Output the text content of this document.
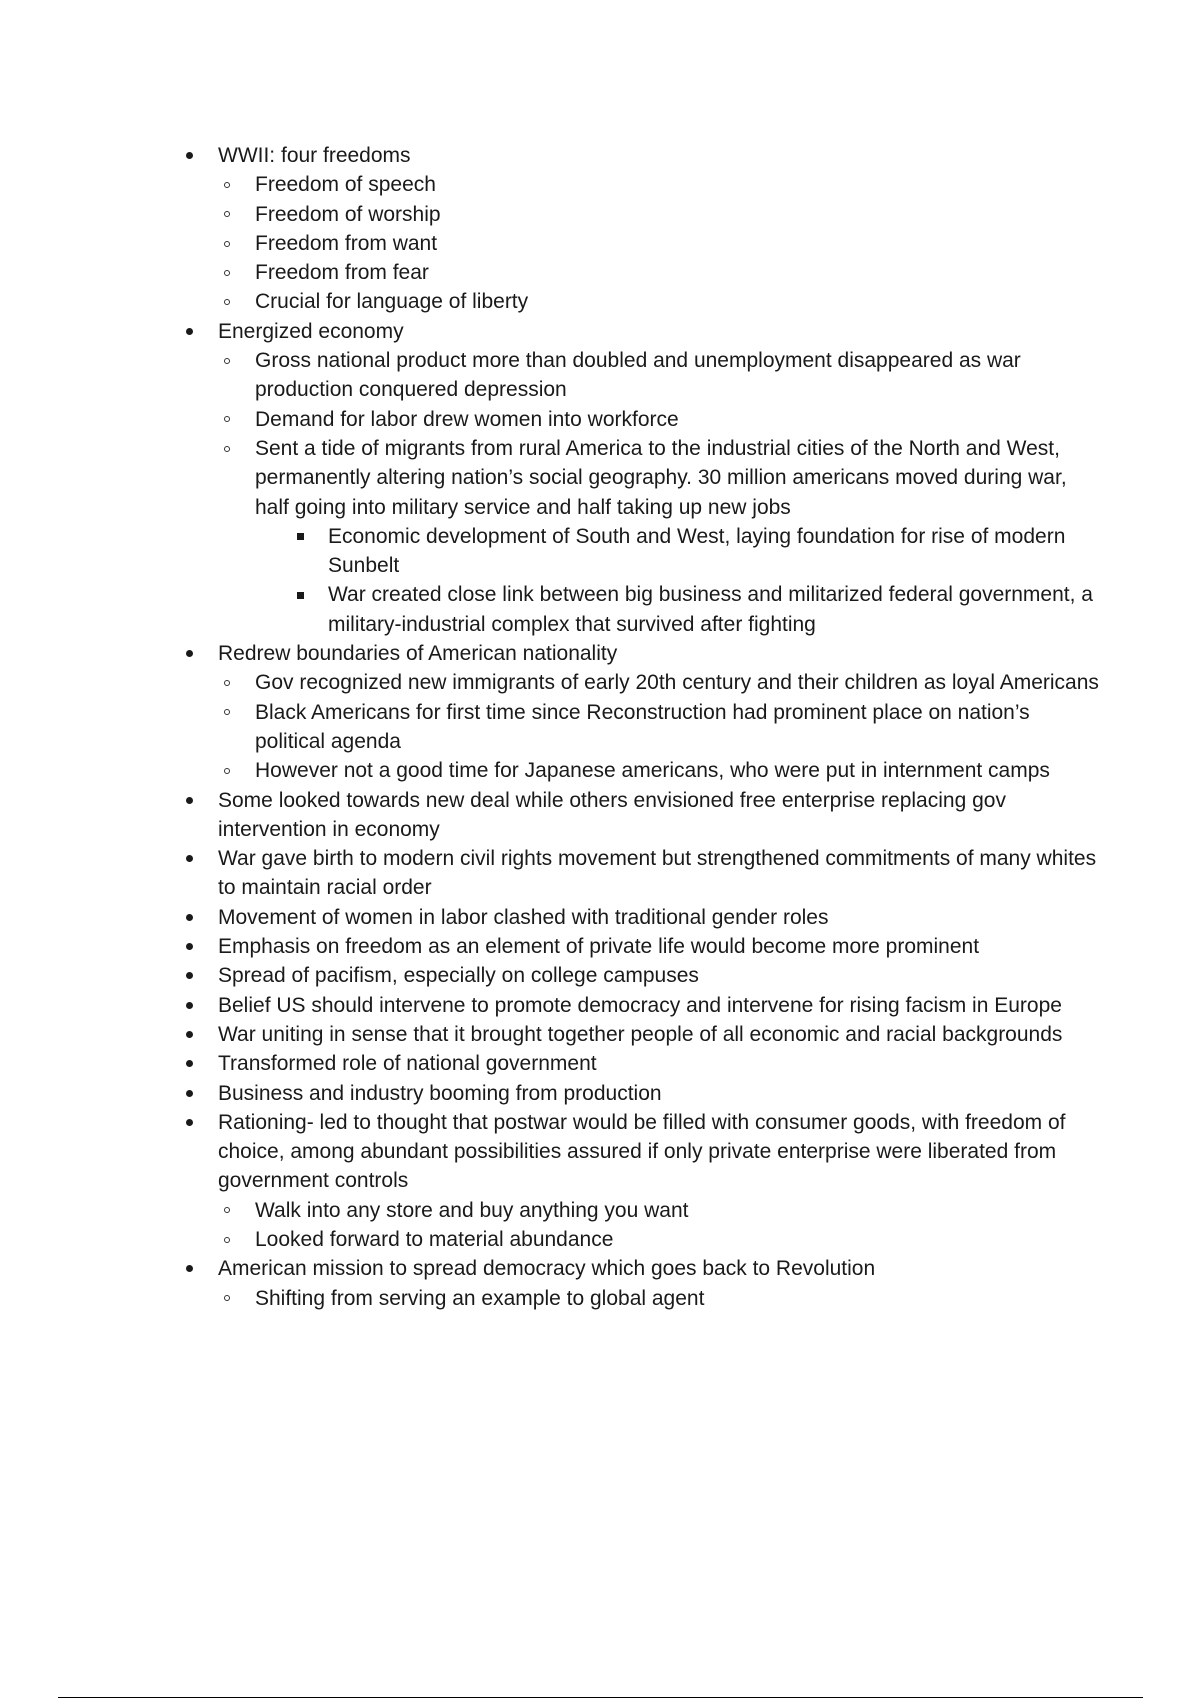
WWII: four freedoms
Freedom of speech
Freedom of worship
Freedom from want
Freedom from fear
Crucial for language of liberty
Energized economy
Gross national product more than doubled and unemployment disappeared as war production conquered depression
Demand for labor drew women into workforce
Sent a tide of migrants from rural America to the industrial cities of the North and West, permanently altering nation’s social geography. 30 million americans moved during war, half going into military service and half taking up new jobs
Economic development of South and West, laying foundation for rise of modern Sunbelt
War created close link between big business and militarized federal government, a military-industrial complex that survived after fighting
Redrew boundaries of American nationality
Gov recognized new immigrants of early 20th century and their children as loyal Americans
Black Americans for first time since Reconstruction had prominent place on nation’s political agenda
However not a good time for Japanese americans, who were put in internment camps
Some looked towards new deal while others envisioned free enterprise replacing gov intervention in economy
War gave birth to modern civil rights movement but strengthened commitments of many whites to maintain racial order
Movement of women in labor clashed with traditional gender roles
Emphasis on freedom as an element of private life would become more prominent
Spread of pacifism, especially on college campuses
Belief US should intervene to promote democracy and intervene for rising facism in Europe
War uniting in sense that it brought together people of all economic and racial backgrounds
Transformed role of national government
Business and industry booming from production
Rationing- led to thought that postwar would be filled with consumer goods, with freedom of choice, among abundant possibilities assured if only private enterprise were liberated from government controls
Walk into any store and buy anything you want
Looked forward to material abundance
American mission to spread democracy which goes back to Revolution
Shifting from serving an example to global agent
